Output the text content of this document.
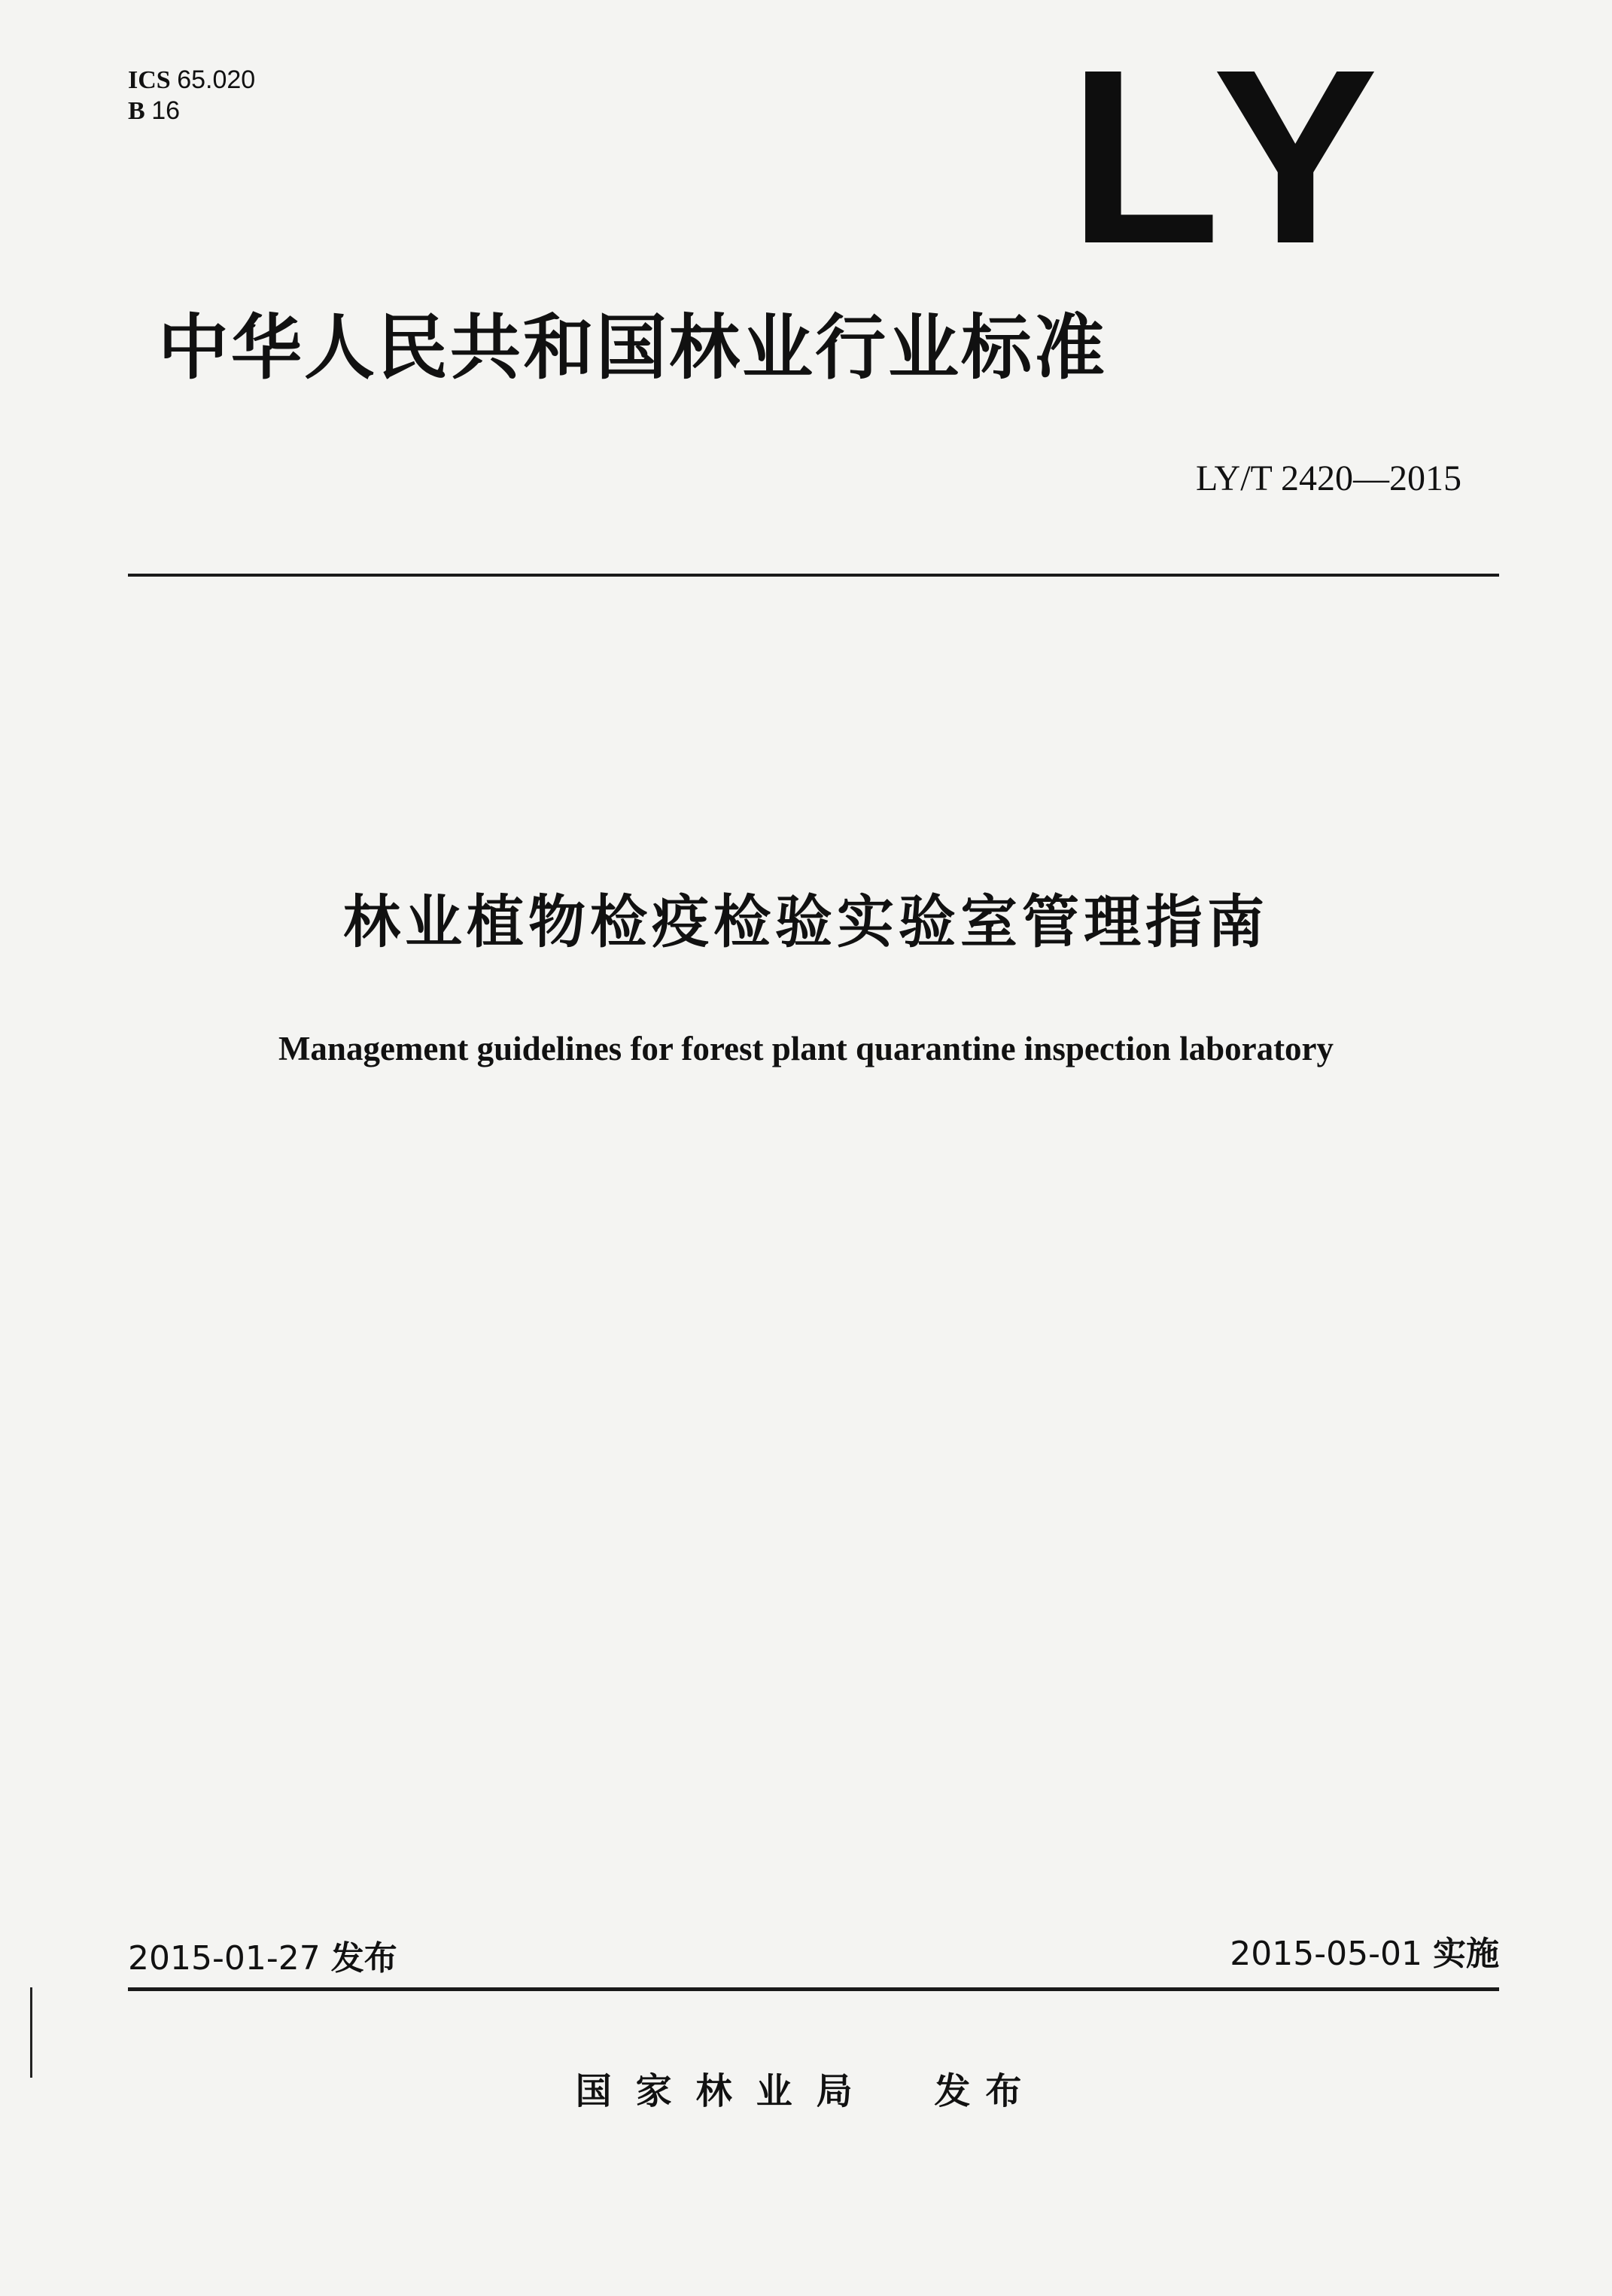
ICS 65.020
B 16	LY
中华人民共和国林业行业标准
LY/T 2420—2015
林业植物检疫检验实验室管理指南
Management guidelines for forest plant quarantine inspection laboratory
2015-01-27 发布	2015-05-01 实施
国家林业局 发布
